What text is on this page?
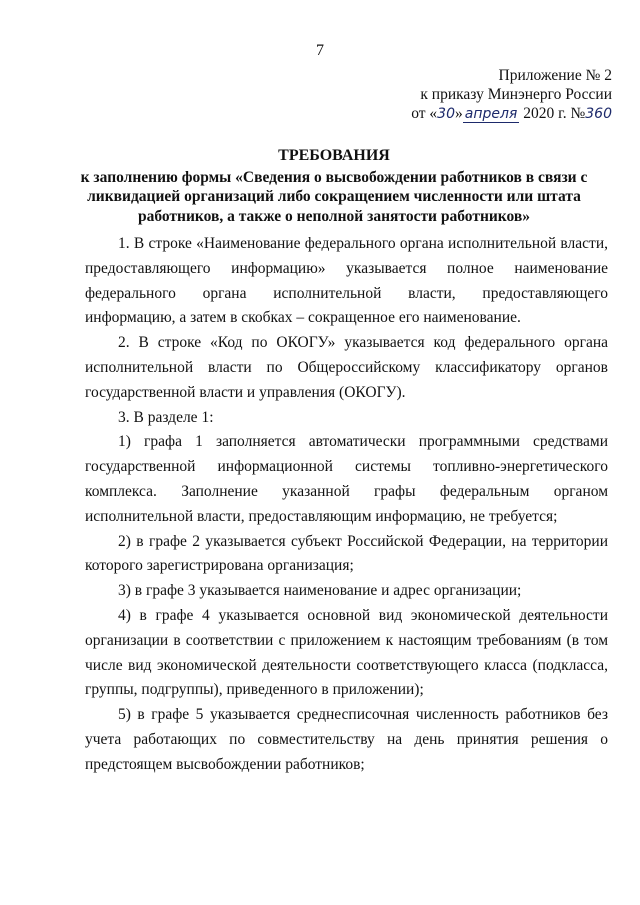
7
Приложение № 2
к приказу Минэнерго России
от «30» апреля 2020 г. №360
ТРЕБОВАНИЯ
к заполнению формы «Сведения о высвобождении работников в связи с
ликвидацией организаций либо сокращением численности или штата
работников, а также о неполной занятости работников»

1. В строке «Наименование федерального органа исполнительной власти, предоставляющего информацию» указывается полное наименование федерального органа исполнительной власти, предоставляющего информацию, а затем в скобках – сокращенное его наименование.

2. В строке «Код по ОКОГУ» указывается код федерального органа исполнительной власти по Общероссийскому классификатору органов государственной власти и управления (ОКОГУ).

3. В разделе 1:

1) графа 1 заполняется автоматически программными средствами государственной информационной системы топливно-энергетического комплекса. Заполнение указанной графы федеральным органом исполнительной власти, предоставляющим информацию, не требуется;

2) в графе 2 указывается субъект Российской Федерации, на территории которого зарегистрирована организация;

3) в графе 3 указывается наименование и адрес организации;

4) в графе 4 указывается основной вид экономической деятельности организации в соответствии с приложением к настоящим требованиям (в том числе вид экономической деятельности соответствующего класса (подкласса, группы, подгруппы), приведенного в приложении);

5) в графе 5 указывается среднесписочная численность работников без учета работающих по совместительству на день принятия решения о предстоящем высвобождении работников;
